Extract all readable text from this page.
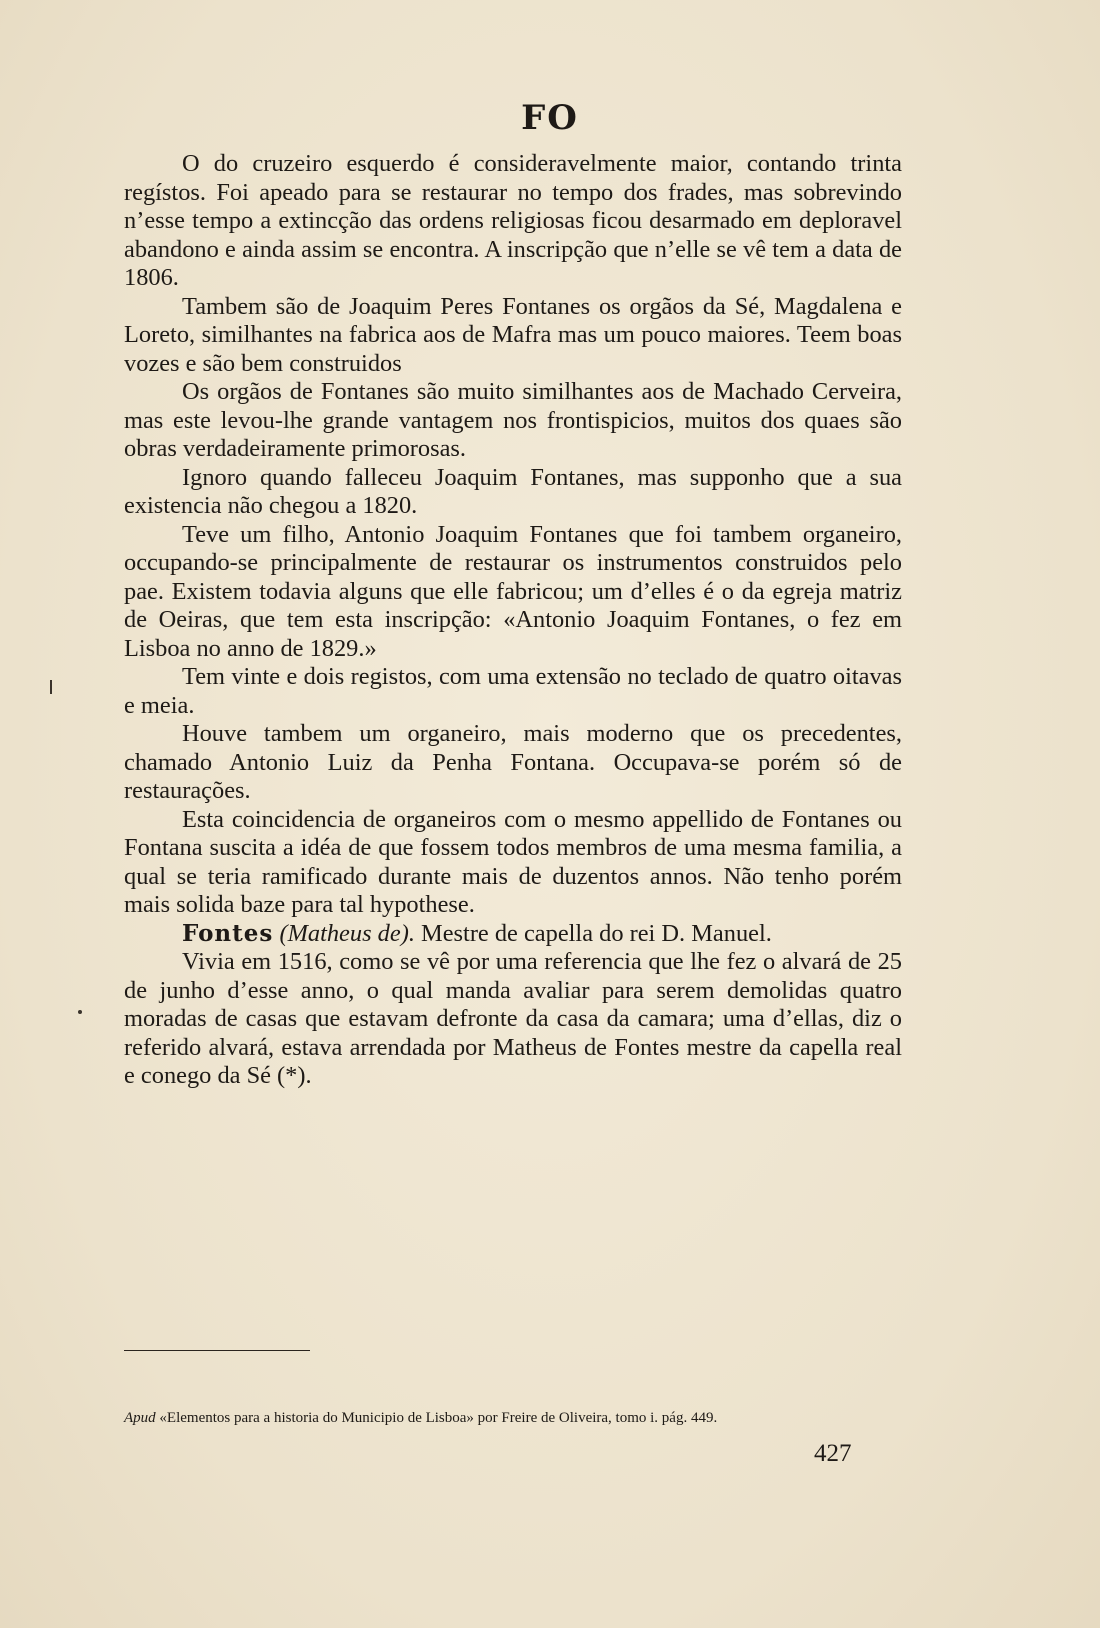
FO

O do cruzeiro esquerdo é consideravelmente maior, contando trinta regístos. Foi apeado para se restaurar no tempo dos frades, mas sobrevindo n’esse tempo a extincção das ordens religiosas ficou desarmado em deploravel abandono e ainda assim se encontra. A inscripção que n’elle se vê tem a data de 1806.

Tambem são de Joaquim Peres Fontanes os orgãos da Sé, Magdalena e Loreto, similhantes na fabrica aos de Mafra mas um pouco maiores. Teem boas vozes e são bem construidos

Os orgãos de Fontanes são muito similhantes aos de Machado Cerveira, mas este levou-lhe grande vantagem nos frontispicios, muitos dos quaes são obras verdadeiramente primorosas.

Ignoro quando falleceu Joaquim Fontanes, mas supponho que a sua existencia não chegou a 1820.

Teve um filho, Antonio Joaquim Fontanes que foi tambem organeiro, occupando-se principalmente de restaurar os instrumentos construidos pelo pae. Existem todavia alguns que elle fabricou; um d’elles é o da egreja matriz de Oeiras, que tem esta inscripção: «Antonio Joaquim Fontanes, o fez em Lisboa no anno de 1829.»

Tem vinte e dois registos, com uma extensão no teclado de quatro oitavas e meia.

Houve tambem um organeiro, mais moderno que os precedentes, chamado Antonio Luiz da Penha Fontana. Occupava-se porém só de restaurações.

Esta coincidencia de organeiros com o mesmo appellido de Fontanes ou Fontana suscita a idéa de que fossem todos membros de uma mesma familia, a qual se teria ramificado durante mais de duzentos annos. Não tenho porém mais solida baze para tal hypothese.

Fontes (Matheus de). Mestre de capella do rei D. Manuel.

Vivia em 1516, como se vê por uma referencia que lhe fez o alvará de 25 de junho d’esse anno, o qual manda avaliar para serem demolidas quatro moradas de casas que estavam defronte da casa da camara; uma d’ellas, diz o referido alvará, estava arrendada por Matheus de Fontes mestre da capella real e conego da Sé (*).

Apud «Elementos para a historia do Municipio de Lisboa» por Freire de Oliveira, tomo i. pág. 449.
427
